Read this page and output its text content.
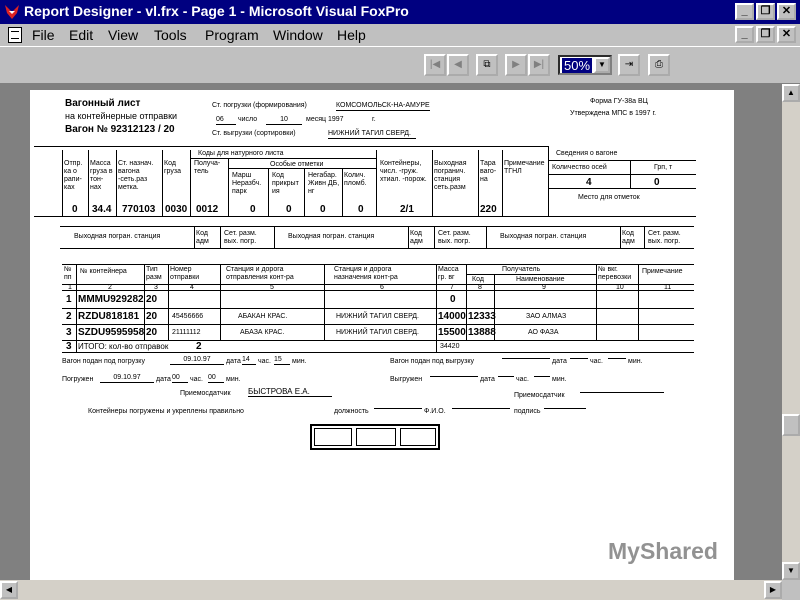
Report Designer - vl.frx - Page 1 - Microsoft Visual FoxPro	_	❐	✕
File Edit View Tools Program Window Help	_	❐	✕
|◀	◀	⧉	▶	▶|	50%	▼	⇥	⎙
Вагонный лист
на контейнерные отправки
Вагон № 92312123 / 20
Ст. погрузки (формирования)	КОМСОМОЛЬСК-НА-АМУРЕ
06	число	10	месяц 1997	г.
Ст. выгрузки (сортировки)	НИЖНИЙ ТАГИЛ СВЕРД.
Форма ГУ-38а ВЦ
Утверждена МПС в 1997 г.
Сведения о вагоне
Количество осей	Грп, т
4	0
Место для отметок
Коды для натурного листа
Особые отметки
Отпр. ка о рапи- ках
Масса груза в тон- нах
Ст. назнач. вагона -сеть.раз метка.
Код груза
Получа- тель
Марш Неразбч. парк
Код прикрыт ия
Негабар. Живн ДБ, нг
Колич. пломб.
Контейнеры, числ. -груж. хтиал. -порож.
Выходная погранич. станция сеть.разм
Тара ваго- на
Примечание ТГНЛ
0 34.4 770103 0030 0012	0	0	0	0	2/1	220
Выходная погран. станция	Код адм
Сет. разм. вых. погр.
Выходная погран. станция	Код адм
Сет. разм. вых. погр.
Выходная погран. станция	Код адм
Сет. разм. вых. погр.
№ пп
№ контейнера	Тип разм
Номер отправки
Станция и дорога отправления конт-ра
Станция и дорога назначения конт-ра
Масса гр. вг
Получатель
Код	Наименование
№ вкг. перевозки
Примечание
1	2	3	4	5	6	7	8	9	10	11
1 MMMU929282 20	0
2 RZDU818181 20 45456666	АБАКАН КРАС.	НИЖНИЙ ТАГИЛ СВЕРД. 14000 12333	ЗАО АЛМАЗ
3 SZDU9595958 20 21111112	АБАЗА КРАС.	НИЖНИЙ ТАГИЛ СВЕРД. 15500 13888	АО ФАЗА
3 ИТОГО: кол-во отправок	2	34420
Вагон подан под погрузку	09.10.97	дата 14	час. 15	мин.	Вагон подан под выгрузку	дата	час.	мин.
Погружен	09.10.97	дата 00	час. 00	мин.	Выгружен	дата	час.	мин.
Приемосдатчик БЫСТРОВА Е.А.	Приемосдатчик
Контейнеры погружены и укреплены правильно	должность	Ф.И.О.	подпись
▲
▼
◀	▶
MyShared
